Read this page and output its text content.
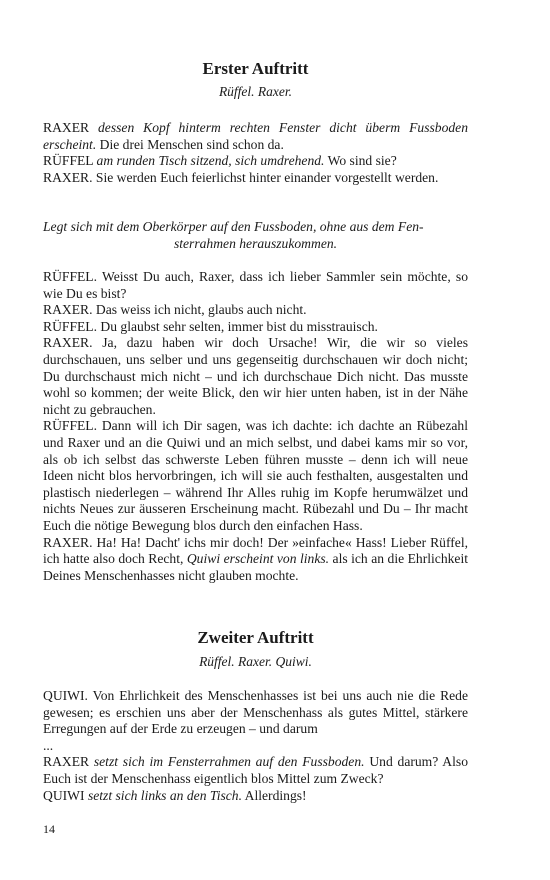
Erster Auftritt
Rüffel. Raxer.

RAXER dessen Kopf hinterm rechten Fenster dicht überm Fussboden erscheint. Die drei Menschen sind schon da.

RÜFFEL am runden Tisch sitzend, sich umdrehend. Wo sind sie?

RAXER. Sie werden Euch feierlichst hinter einander vorgestellt werden.

Legt sich mit dem Oberkörper auf den Fussboden, ohne aus dem Fen-

sterrahmen herauszukommen.

RÜFFEL. Weisst Du auch, Raxer, dass ich lieber Sammler sein möchte, so wie Du es bist?

RAXER. Das weiss ich nicht, glaubs auch nicht.

RÜFFEL. Du glaubst sehr selten, immer bist du misstrauisch.

RAXER. Ja, dazu haben wir doch Ursache! Wir, die wir so vieles durchschauen, uns selber und uns gegenseitig durchschauen wir doch nicht; Du durchschaust mich nicht – und ich durchschaue Dich nicht. Das musste wohl so kommen; der weite Blick, den wir hier unten haben, ist in der Nähe nicht zu gebrauchen.

RÜFFEL. Dann will ich Dir sagen, was ich dachte: ich dachte an Rübezahl und Raxer und an die Quiwi und an mich selbst, und dabei kams mir so vor, als ob ich selbst das schwerste Leben führen musste – denn ich will neue Ideen nicht blos hervorbringen, ich will sie auch festhalten, ausgestalten und plastisch niederlegen – während Ihr Alles ruhig im Kopfe herumwälzet und nichts Neues zur äusseren Erscheinung macht. Rübezahl und Du – Ihr macht Euch die nötige Bewegung blos durch den einfachen Hass.

RAXER. Ha! Ha! Dacht' ichs mir doch! Der »einfache« Hass! Lieber Rüffel, ich hatte also doch Recht, Quiwi erscheint von links. als ich an die Ehrlichkeit Deines Menschenhasses nicht glauben mochte.

Zweiter Auftritt
Rüffel. Raxer. Quiwi.

QUIWI. Von Ehrlichkeit des Menschenhasses ist bei uns auch nie die Rede gewesen; es erschien uns aber der Menschenhass als gutes Mittel, stärkere Erregungen auf der Erde zu erzeugen – und darum

...

RAXER setzt sich im Fensterrahmen auf den Fussboden. Und darum? Also Euch ist der Menschenhass eigentlich blos Mittel zum Zweck?

QUIWI setzt sich links an den Tisch. Allerdings!

14
